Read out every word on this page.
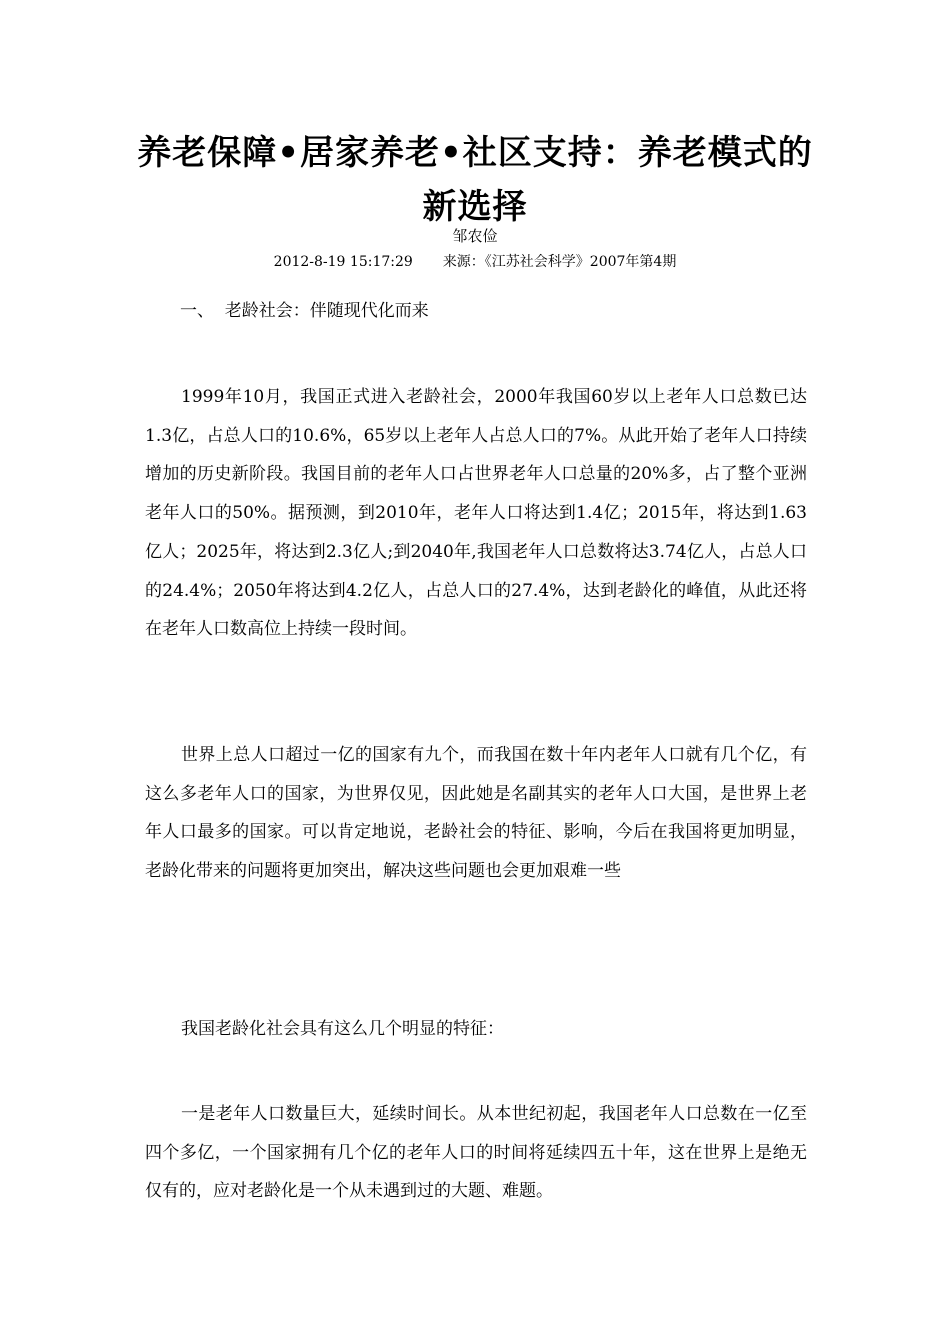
养老保障•居家养老•社区支持：养老模式的新选择
邹农俭
2012-8-19 15:17:29 来源：《江苏社会科学》2007年第4期
一、  老龄社会：伴随现代化而来

1999年10月，我国正式进入老龄社会，2000年我国60岁以上老年人口总数已达1.3亿，占总人口的10.6%，65岁以上老年人占总人口的7%。从此开始了老年人口持续增加的历史新阶段。我国目前的老年人口占世界老年人口总量的20%多，占了整个亚洲老年人口的50%。据预测，到2010年，老年人口将达到1.4亿；2015年，将达到1.63亿人；2025年，将达到2.3亿人;到2040年,我国老年人口总数将达3.74亿人，占总人口的24.4%；2050年将达到4.2亿人，占总人口的27.4%，达到老龄化的峰值，从此还将在老年人口数高位上持续一段时间。

世界上总人口超过一亿的国家有九个，而我国在数十年内老年人口就有几个亿，有这么多老年人口的国家，为世界仅见，因此她是名副其实的老年人口大国，是世界上老年人口最多的国家。可以肯定地说，老龄社会的特征、影响，今后在我国将更加明显，老龄化带来的问题将更加突出，解决这些问题也会更加艰难一些

我国老龄化社会具有这么几个明显的特征：

一是老年人口数量巨大，延续时间长。从本世纪初起，我国老年人口总数在一亿至四个多亿，一个国家拥有几个亿的老年人口的时间将延续四五十年，这在世界上是绝无仅有的，应对老龄化是一个从未遇到过的大题、难题。
